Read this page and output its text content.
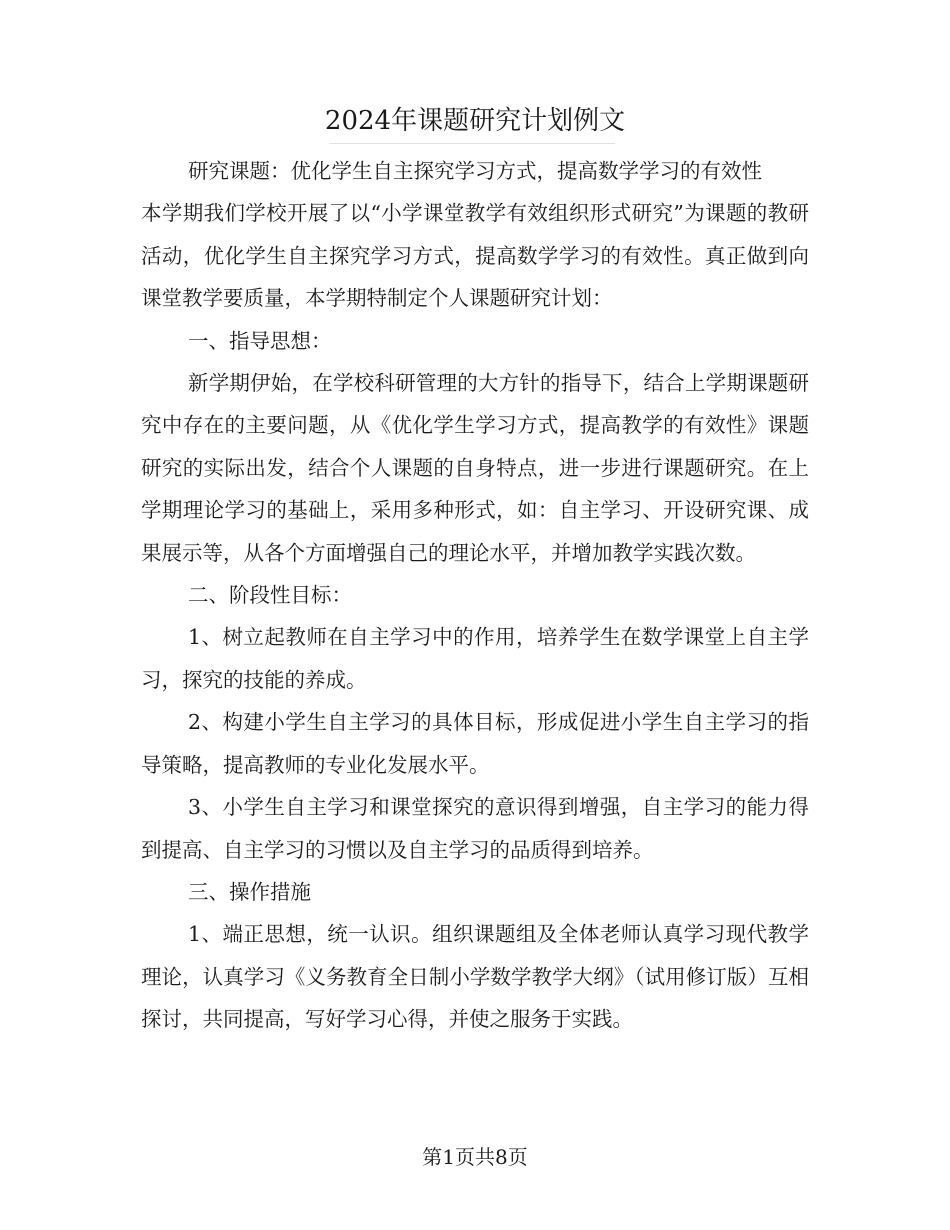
2024年课题研究计划例文

研究课题：优化学生自主探究学习方式，提高数学学习的有效性

本学期我们学校开展了以“小学课堂教学有效组织形式研究”为课题的教研活动，优化学生自主探究学习方式，提高数学学习的有效性。真正做到向课堂教学要质量，本学期特制定个人课题研究计划：

一、指导思想：

新学期伊始，在学校科研管理的大方针的指导下，结合上学期课题研究中存在的主要问题，从《优化学生学习方式，提高教学的有效性》课题研究的实际出发，结合个人课题的自身特点，进一步进行课题研究。在上学期理论学习的基础上，采用多种形式，如：自主学习、开设研究课、成果展示等，从各个方面增强自己的理论水平，并增加教学实践次数。

二、阶段性目标：

1、树立起教师在自主学习中的作用，培养学生在数学课堂上自主学习，探究的技能的养成。

2、构建小学生自主学习的具体目标，形成促进小学生自主学习的指导策略，提高教师的专业化发展水平。

3、小学生自主学习和课堂探究的意识得到增强，自主学习的能力得到提高、自主学习的习惯以及自主学习的品质得到培养。

三、操作措施

1、端正思想，统一认识。组织课题组及全体老师认真学习现代教学理论，认真学习《义务教育全日制小学数学教学大纲》（试用修订版）互相探讨，共同提高，写好学习心得，并使之服务于实践。

第1页共8页
